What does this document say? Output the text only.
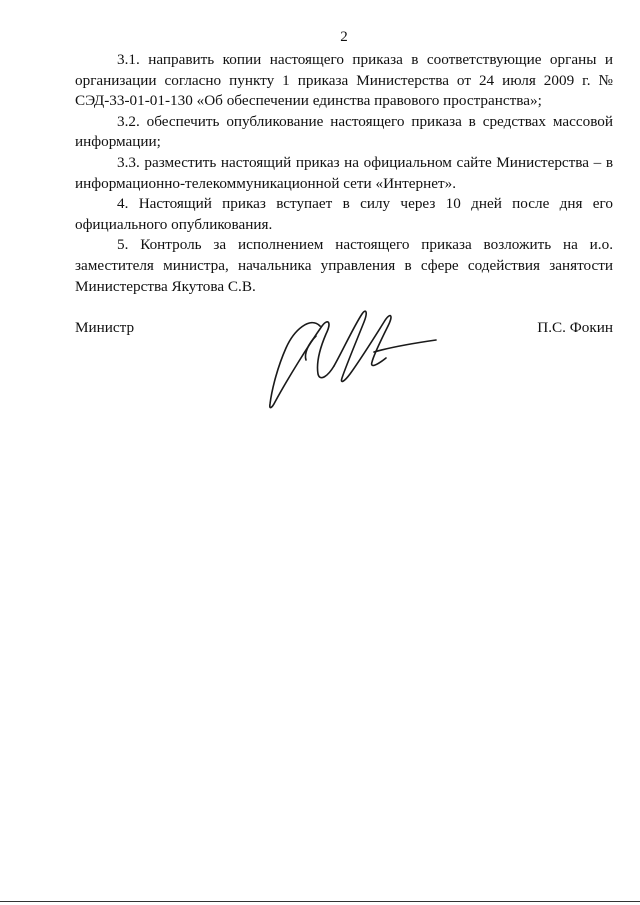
2

3.1. направить копии настоящего приказа в соответствующие органы и организации согласно пункту 1 приказа Министерства от 24 июля 2009 г. № СЭД-33-01-01-130 «Об обеспечении единства правового пространства»;

3.2. обеспечить опубликование настоящего приказа в средствах массовой информации;

3.3. разместить настоящий приказ на официальном сайте Министерства – в информационно-телекоммуникационной сети «Интернет».

4. Настоящий приказ вступает в силу через 10 дней после дня его официального опубликования.

5. Контроль за исполнением настоящего приказа возложить на и.о. заместителя министра, начальника управления в сфере содействия занятости Министерства Якутова С.В.

Министр	П.С. Фокин
